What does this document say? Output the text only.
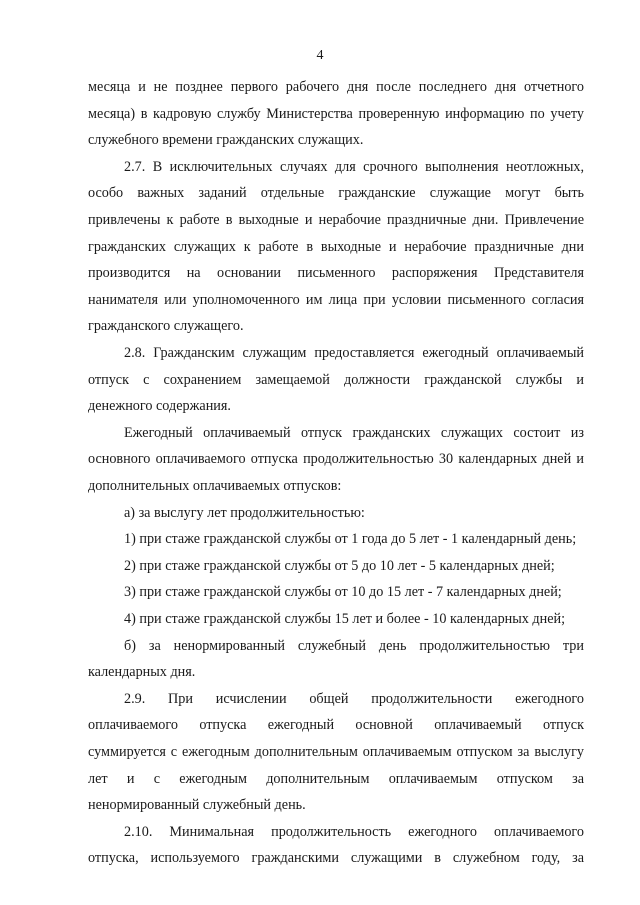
4
месяца и не позднее первого рабочего дня после последнего дня отчетного
месяца) в кадровую службу Министерства проверенную информацию по учету
служебного времени гражданских служащих.
2.7. В исключительных случаях для срочного выполнения неотложных,
особо важных заданий отдельные гражданские служащие могут быть
привлечены к работе в выходные и нерабочие праздничные дни. Привлечение
гражданских служащих к работе в выходные и нерабочие праздничные дни
производится на основании письменного распоряжения Представителя
нанимателя или уполномоченного им лица при условии письменного согласия
гражданского служащего.
2.8. Гражданским служащим предоставляется ежегодный оплачиваемый
отпуск с сохранением замещаемой должности гражданской службы и
денежного содержания.
Ежегодный оплачиваемый отпуск гражданских служащих состоит из
основного оплачиваемого отпуска продолжительностью 30 календарных дней и
дополнительных оплачиваемых отпусков:
а) за выслугу лет продолжительностью:
1) при стаже гражданской службы от 1 года до 5 лет - 1 календарный день;
2) при стаже гражданской службы от 5 до 10 лет - 5 календарных дней;
3) при стаже гражданской службы от 10 до 15 лет - 7 календарных дней;
4) при стаже гражданской службы 15 лет и более - 10 календарных дней;
б) за ненормированный служебный день продолжительностью три
календарных дня.
2.9. При исчислении общей продолжительности ежегодного
оплачиваемого отпуска ежегодный основной оплачиваемый отпуск
суммируется с ежегодным дополнительным оплачиваемым отпуском за выслугу
лет и с ежегодным дополнительным оплачиваемым отпуском за
ненормированный служебный день.
2.10. Минимальная продолжительность ежегодного оплачиваемого
отпуска, используемого гражданскими служащими в служебном году, за
